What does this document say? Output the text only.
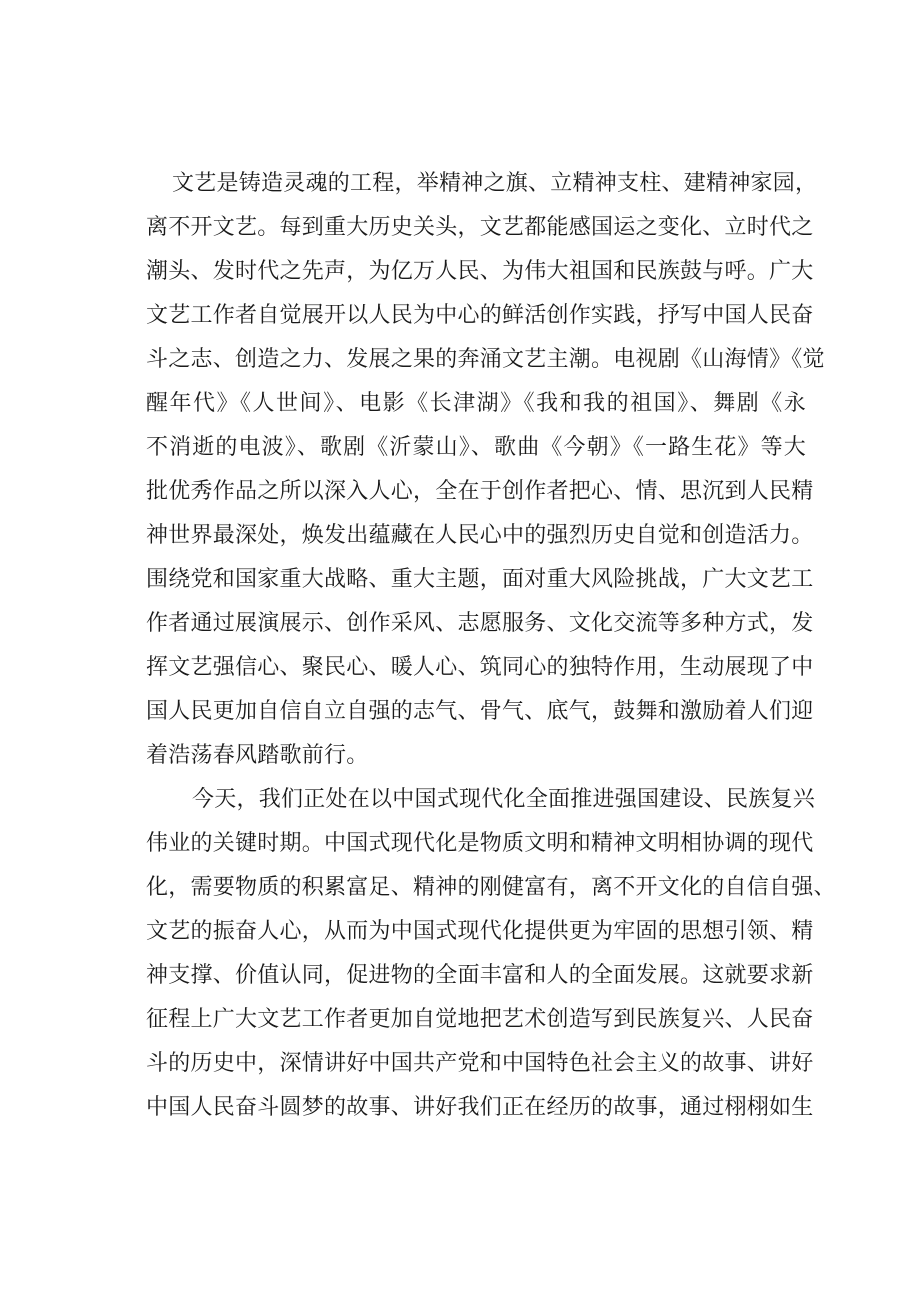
文艺是铸造灵魂的工程，举精神之旗、立精神支柱、建精神家园，
离不开文艺。每到重大历史关头，文艺都能感国运之变化、立时代之
潮头、发时代之先声，为亿万人民、为伟大祖国和民族鼓与呼。广大
文艺工作者自觉展开以人民为中心的鲜活创作实践，抒写中国人民奋
斗之志、创造之力、发展之果的奔涌文艺主潮。电视剧《山海情》《觉
醒年代》《人世间》、电影《长津湖》《我和我的祖国》、舞剧《永
不消逝的电波》、歌剧《沂蒙山》、歌曲《今朝》《一路生花》等大
批优秀作品之所以深入人心，全在于创作者把心、情、思沉到人民精
神世界最深处，焕发出蕴藏在人民心中的强烈历史自觉和创造活力。
围绕党和国家重大战略、重大主题，面对重大风险挑战，广大文艺工
作者通过展演展示、创作采风、志愿服务、文化交流等多种方式，发
挥文艺强信心、聚民心、暖人心、筑同心的独特作用，生动展现了中
国人民更加自信自立自强的志气、骨气、底气，鼓舞和激励着人们迎
着浩荡春风踏歌前行。
今天，我们正处在以中国式现代化全面推进强国建设、民族复兴
伟业的关键时期。中国式现代化是物质文明和精神文明相协调的现代
化，需要物质的积累富足、精神的刚健富有，离不开文化的自信自强、
文艺的振奋人心，从而为中国式现代化提供更为牢固的思想引领、精
神支撑、价值认同，促进物的全面丰富和人的全面发展。这就要求新
征程上广大文艺工作者更加自觉地把艺术创造写到民族复兴、人民奋
斗的历史中，深情讲好中国共产党和中国特色社会主义的故事、讲好
中国人民奋斗圆梦的故事、讲好我们正在经历的故事，通过栩栩如生
